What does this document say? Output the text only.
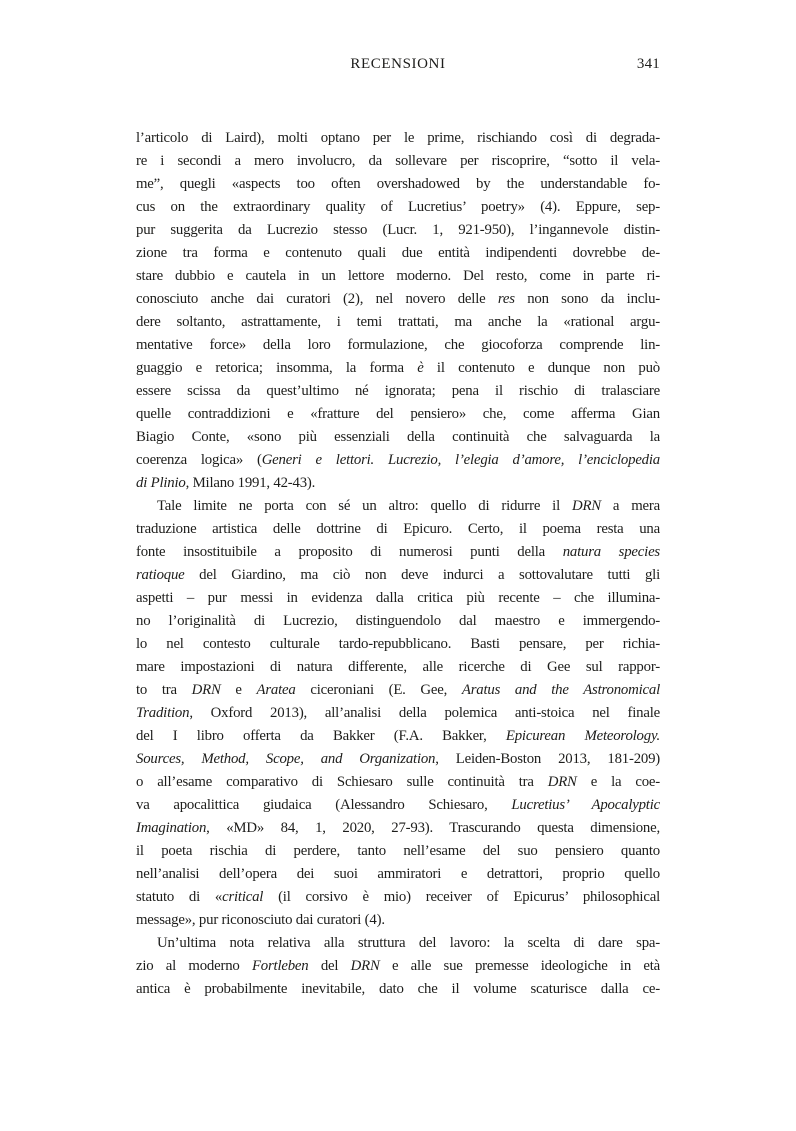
RECENSIONI	341
l’articolo di Laird), molti optano per le prime, rischiando così di degrada-
re i secondi a mero involucro, da sollevare per riscoprire, “sotto il vela-
me”, quegli «aspects too often overshadowed by the understandable fo-
cus on the extraordinary quality of Lucretius’ poetry» (4). Eppure, sep-
pur suggerita da Lucrezio stesso (Lucr. 1, 921-950), l’ingannevole distin-
zione tra forma e contenuto quali due entità indipendenti dovrebbe de-
stare dubbio e cautela in un lettore moderno. Del resto, come in parte ri-
conosciuto anche dai curatori (2), nel novero delle res non sono da inclu-
dere soltanto, astrattamente, i temi trattati, ma anche la «rational argu-
mentative force» della loro formulazione, che giocoforza comprende lin-
guaggio e retorica; insomma, la forma è il contenuto e dunque non può
essere scissa da quest’ultimo né ignorata; pena il rischio di tralasciare
quelle contraddizioni e «fratture del pensiero» che, come afferma Gian
Biagio Conte, «sono più essenziali della continuità che salvaguarda la
coerenza logica» (Generi e lettori. Lucrezio, l’elegia d’amore, l’enciclopedia
di Plinio, Milano 1991, 42-43).
Tale limite ne porta con sé un altro: quello di ridurre il DRN a mera
traduzione artistica delle dottrine di Epicuro. Certo, il poema resta una
fonte insostituibile a proposito di numerosi punti della natura species
ratioque del Giardino, ma ciò non deve indurci a sottovalutare tutti gli
aspetti – pur messi in evidenza dalla critica più recente – che illumina-
no l’originalità di Lucrezio, distinguendolo dal maestro e immergendo-
lo nel contesto culturale tardo-repubblicano. Basti pensare, per richia-
mare impostazioni di natura differente, alle ricerche di Gee sul rappor-
to tra DRN e Aratea ciceroniani (E. Gee, Aratus and the Astronomical
Tradition, Oxford 2013), all’analisi della polemica anti-stoica nel finale
del I libro offerta da Bakker (F.A. Bakker, Epicurean Meteorology.
Sources, Method, Scope, and Organization, Leiden-Boston 2013, 181-209)
o all’esame comparativo di Schiesaro sulle continuità tra DRN e la coe-
va apocalittica giudaica (Alessandro Schiesaro, Lucretius’ Apocalyptic
Imagination, «MD» 84, 1, 2020, 27-93). Trascurando questa dimensione,
il poeta rischia di perdere, tanto nell’esame del suo pensiero quanto
nell’analisi dell’opera dei suoi ammiratori e detrattori, proprio quello
statuto di «critical (il corsivo è mio) receiver of Epicurus’ philosophical
message», pur riconosciuto dai curatori (4).
Un’ultima nota relativa alla struttura del lavoro: la scelta di dare spa-
zio al moderno Fortleben del DRN e alle sue premesse ideologiche in età
antica è probabilmente inevitabile, dato che il volume scaturisce dalla ce-
